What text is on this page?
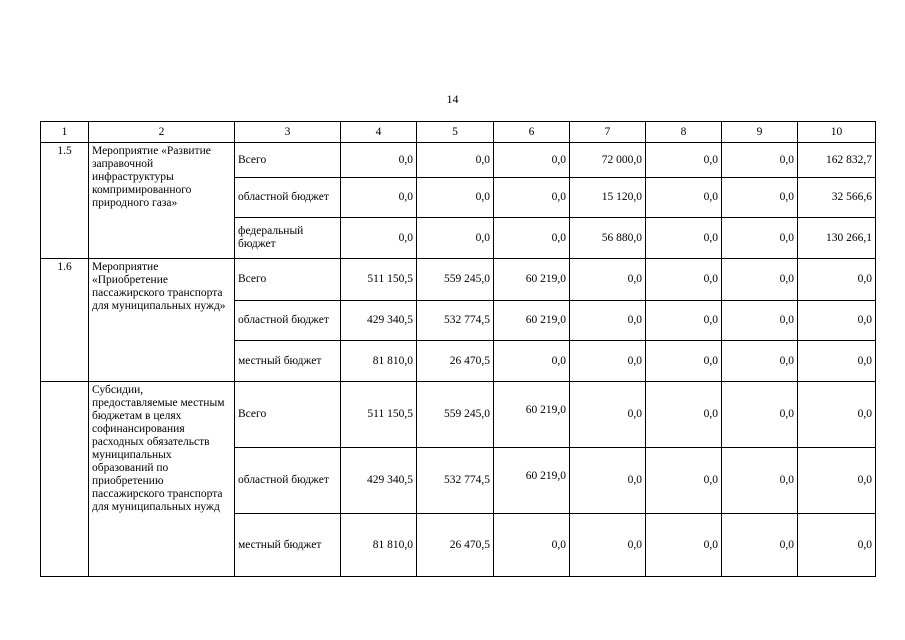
14
1	2	3	4	5	6	7	8	9	10
1.5	Мероприятие «Развитие заправочной инфраструктуры компримированного природного газа»	Всего	0,0	0,0	0,0	72 000,0	0,0	0,0	162 832,7
		областной бюджет	0,0	0,0	0,0	15 120,0	0,0	0,0	32 566,6
		федеральный бюджет	0,0	0,0	0,0	56 880,0	0,0	0,0	130 266,1
1.6	Мероприятие «Приобретение пассажирского транспорта для муниципальных нужд»	Всего	511 150,5	559 245,0	60 219,0	0,0	0,0	0,0	0,0
		областной бюджет	429 340,5	532 774,5	60 219,0	0,0	0,0	0,0	0,0
		местный бюджет	81 810,0	26 470,5	0,0	0,0	0,0	0,0	0,0
	Субсидии, предоставляемые местным бюджетам в целях софинансирования расходных обязательств муниципальных образований по приобретению пассажирского транспорта для муниципальных нужд	Всего	511 150,5	559 245,0	60 219,0	0,0	0,0	0,0	0,0
		областной бюджет	429 340,5	532 774,5	60 219,0	0,0	0,0	0,0	0,0
		местный бюджет	81 810,0	26 470,5	0,0	0,0	0,0	0,0	0,0
